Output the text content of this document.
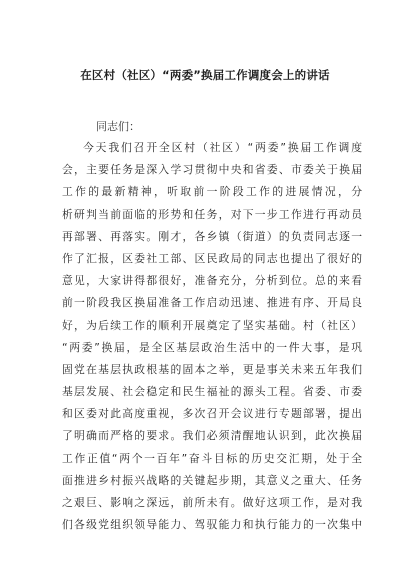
在区村（社区）“两委”换届工作调度会上的讲话
同志们：
今天我们召开全区村（社区）“两委”换届工作调度
会，主要任务是深入学习贯彻中央和省委、市委关于换届
工作的最新精神，听取前一阶段工作的进展情况，分
析研判当前面临的形势和任务，对下一步工作进行再动员
再部署、再落实。刚才，各乡镇（街道）的负责同志逐一
作了汇报，区委社工部、区民政局的同志也提出了很好的
意见，大家讲得都很好，准备充分，分析到位。总的来看
前一阶段我区换届准备工作启动迅速、推进有序、开局良
好，为后续工作的顺利开展奠定了坚实基础。村（社区）
“两委”换届，是全区基层政治生活中的一件大事，是巩
固党在基层执政根基的固本之举，更是事关未来五年我们
基层发展、社会稳定和民生福祉的源头工程。省委、市委
和区委对此高度重视，多次召开会议进行专题部署，提出
了明确而严格的要求。我们必须清醒地认识到，此次换届
工作正值“两个一百年”奋斗目标的历史交汇期，处于全
面推进乡村振兴战略的关键起步期，其意义之重大、任务
之艰巨、影响之深远，前所未有。做好这项工作，是对我
们各级党组织领导能力、驾驭能力和执行能力的一次集中
